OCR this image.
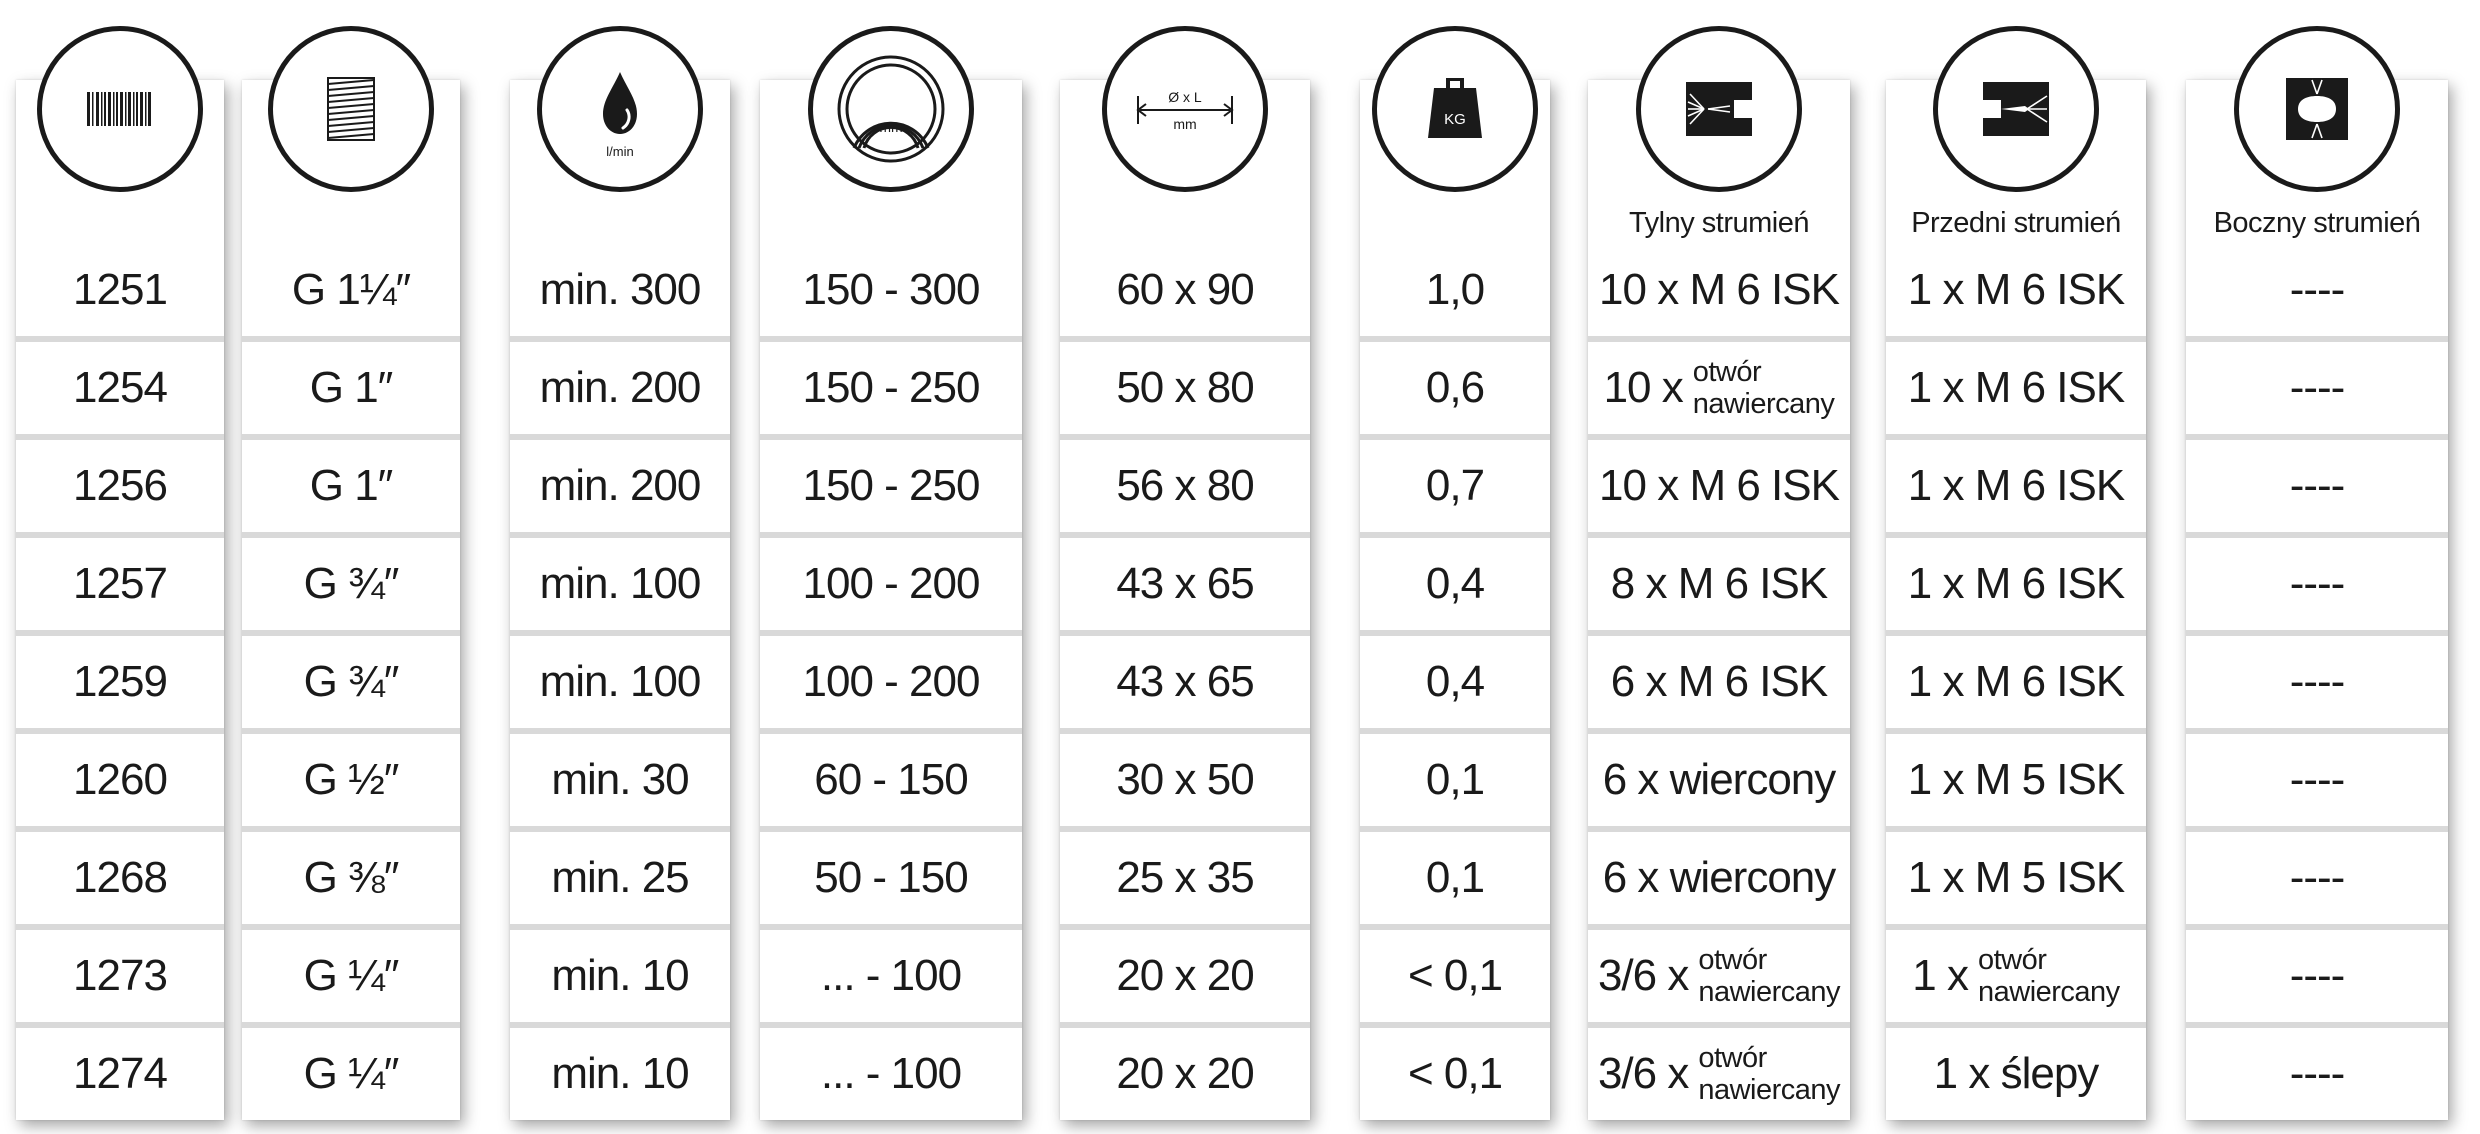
1251
1254
1256
1257
1259
1260
1268
1273
1274
G 1¼″
G 1″
G 1″
G ¾″
G ¾″
G ½″
G ⅜″
G ¼″
G ¼″
l/min
min. 300
min. 200
min. 200
min. 100
min. 100
min. 30
min. 25
min. 10
min. 10
mm
150 - 300
150 - 250
150 - 250
100 - 200
100 - 200
60 - 150
50 - 150
... - 100
... - 100
Ø x L
mm
60 x 90
50 x 80
56 x 80
43 x 65
43 x 65
30 x 50
25 x 35
20 x 20
20 x 20
KG
1,0
0,6
0,7
0,4
0,4
0,1
0,1
< 0,1
< 0,1
Tylny strumień
10 x M 6 ISK
10 x otwór
nawiercany
10 x M 6 ISK
8 x M 6 ISK
6 x M 6 ISK
6 x wiercony
6 x wiercony
3/6 x otwór
nawiercany
3/6 x otwór
nawiercany
Przedni strumień
1 x M 6 ISK
1 x M 6 ISK
1 x M 6 ISK
1 x M 6 ISK
1 x M 6 ISK
1 x M 5 ISK
1 x M 5 ISK
1 x otwór
nawiercany
1 x ślepy
Boczny strumień
----
----
----
----
----
----
----
----
----
